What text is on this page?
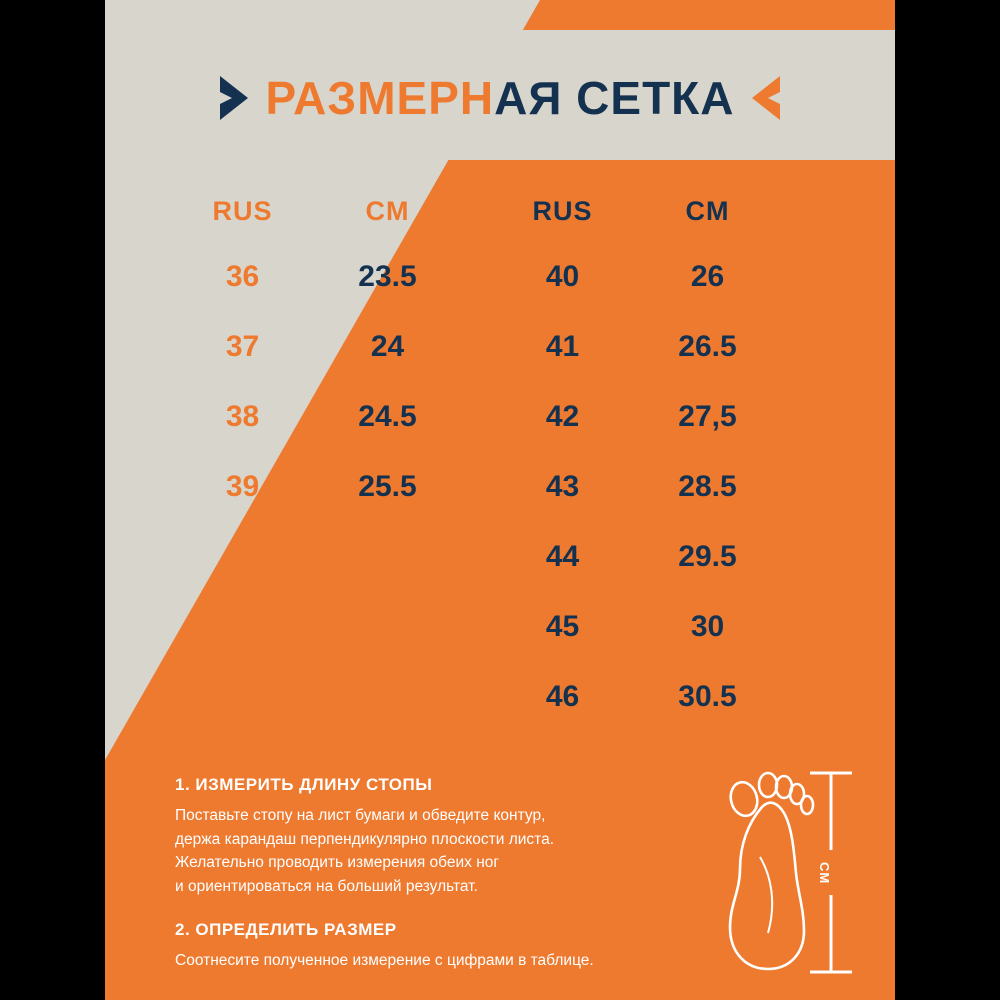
РАЗМЕРНАЯ СЕТКА
RUS
36
37
38
39
CM
23.5
24
24.5
25.5
RUS
40
41
42
43
44
45
46
CM
26
26.5
27,5
28.5
29.5
30
30.5
1. ИЗМЕРИТЬ ДЛИНУ СТОПЫ
Поставьте стопу на лист бумаги и обведите контур,
держа карандаш перпендикулярно плоскости листа.
Желательно проводить измерения обеих ног
и ориентироваться на больший результат.
2. ОПРЕДЕЛИТЬ РАЗМЕР
Соотнесите полученное измерение с цифрами в таблице.
CM
